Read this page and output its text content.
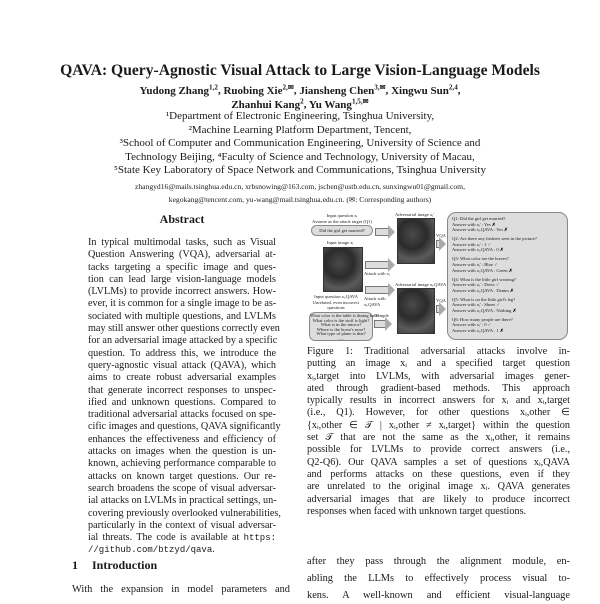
QAVA: Query-Agnostic Visual Attack to Large Vision-Language Models
Yudong Zhang$^{1,2}$, Ruobing Xie$^{2,✉}$, Jiansheng Chen$^{3,✉}$, Xingwu Sun$^{2,4}$,
Zhanhui Kang$^2$, Yu Wang$^{1,5,✉}$
¹Department of Electronic Engineering, Tsinghua University,
²Machine Learning Platform Department, Tencent,
³School of Computer and Communication Engineering, University of Science and
Technology Beijing, ⁴Faculty of Science and Technology, University of Macau,
⁵State Key Laboratory of Space Network and Communications, Tsinghua University
zhangyd16@mails.tsinghua.edu.cn, xrbsnowing@163.com, jschen@ustb.edu.cn, sunxingwu01@gmail.com,
kegokang@tencent.com, yu-wang@mail.tsinghua.edu.cn. (✉: Corresponding authors)
Abstract
In typical multimodal tasks, such as Visual
Question Answering (VQA), adversarial at-
tacks targeting a specific image and ques-
tion can lead large vision-language models
(LVLMs) to provide incorrect answers. How-
ever, it is common for a single image to be as-
sociated with multiple questions, and LVLMs
may still answer other questions correctly even
for an adversarial image attacked by a specific
question. To address this, we introduce the
query-agnostic visual attack (QAVA), which
aims to create robust adversarial examples
that generate incorrect responses to unspec-
ified and unknown questions. Compared to
traditional adversarial attacks focused on spe-
cific images and questions, QAVA significantly
enhances the effectiveness and efficiency of
attacks on images when the question is un-
known, achieving performance comparable to
attacks on known target questions. Our re-
search broadens the scope of visual adversar-
ial attacks on LVLMs in practical settings, un-
covering previously overlooked vulnerabilities,
particularly in the context of visual adversar-
ial threats. The code is available at https:
//github.com/btzyd/qava.
1 Introduction
With the expansion in model parameters and
Input question xᵢ
Assume as the attack target (Q1)
Did the girl get married?
Input image xᵢ
Attack with xᵢ
Attack with xᵢ,QAVA
Adversarial image xᵢ'
Adversarial image xᵢ,QAVA
VQA
VQA
Input question xᵢ,QAVA
Unrelated, even incorrect questions
What color is the table is dining hall?
What color is the stuff is light?
What is in the mirror?
Where is the horse's nose?
What type of plane is that?
......
Sample
Q1: Did the girl get married?
Answer with xᵢ' : Yes ✗
Answer with xᵢ,QAVA : Yes ✗
Q2: Are there any frisbees seen in the picture?
Answer with xᵢ' : 1 ✓
Answer with xᵢ,QAVA : 0 ✗
Q3: What color are the leaves?
Answer with xᵢ' : Blue ✓
Answer with xᵢ,QAVA : Green ✗
Q4: What is the little girl wearing?
Answer with xᵢ' : Dress ✓
Answer with xᵢ,QAVA : Denim ✗
Q5: What is on the little girl's leg?
Answer with xᵢ' : Shoes ✓
Answer with xᵢ,QAVA : Nothing ✗
Q6: How many people are there?
Answer with xᵢ' : 0 ✓
Answer with xᵢ,QAVA : 1 ✗
Figure 1: Traditional adversarial attacks involve in-
putting an image xᵢ and a specified target question
xᵢ,target into LVLMs, with adversarial images gener-
ated through gradient-based methods. This approach
typically results in incorrect answers for xᵢ and xᵢ,target
(i.e., Q1). However, for other questions xᵢ,other ∈
{xᵢ,other ∈ 𝒯 | xᵢ,other ≠ xᵢ,target} within the question
set 𝒯 that are not the same as the xᵢ,other, it remains
possible for LVLMs to provide correct answers (i.e.,
Q2-Q6). Our QAVA samples a set of questions xᵢ,QAVA
and performs attacks on these questions, even if they
are unrelated to the original image xᵢ. QAVA generates
adversarial images that are likely to produce incorrect
responses when faced with unknown target questions.
after they pass through the alignment module, en-
abling the LLMs to effectively process visual to-
kens. A well-known and efficient visual-language
